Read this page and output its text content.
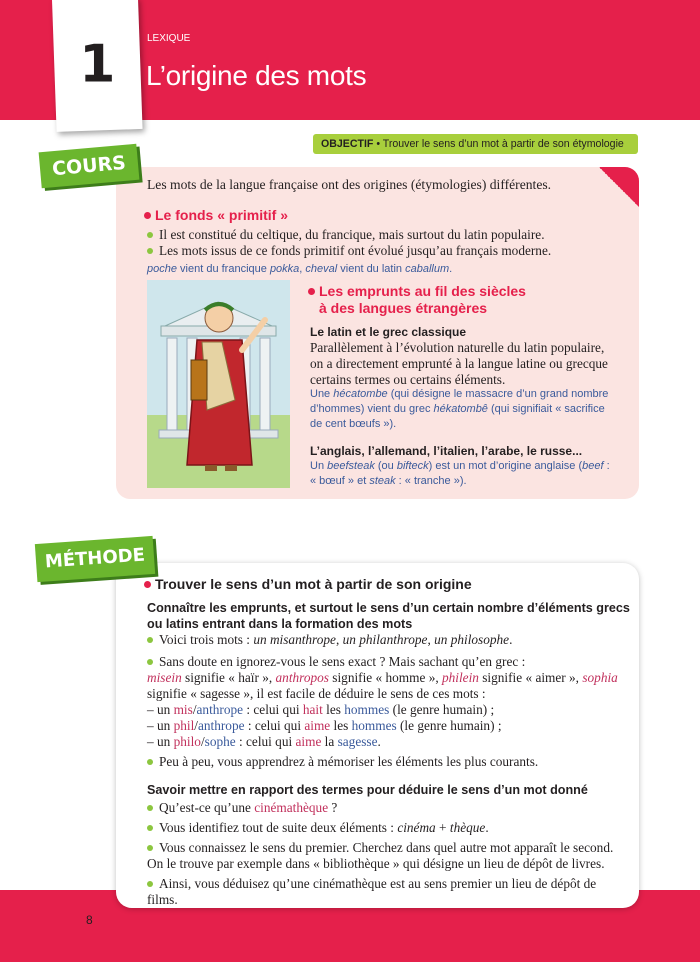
1	LEXIQUE
L’origine des mots
OBJECTIF • Trouver le sens d’un mot à partir de son étymologie
COURS
Les mots de la langue française ont des origines (étymologies) différentes.
Le fonds « primitif »
Il est constitué du celtique, du francique, mais surtout du latin populaire.
Les mots issus de ce fonds primitif ont évolué jusqu’au français moderne.
poche vient du francique pokka, cheval vient du latin caballum.
Les emprunts au fil des siècles
à des langues étrangères
Le latin et le grec classique
Parallèlement à l’évolution naturelle du latin populaire,
on a directement emprunté à la langue latine ou grecque
certains termes ou certains éléments.
Une hécatombe (qui désigne le massacre d’un grand nombre
d’hommes) vient du grec hékatombê (qui signifiait « sacrifice
de cent bœufs »).
L’anglais, l’allemand, l’italien, l’arabe, le russe...
Un beefsteak (ou bifteck) est un mot d’origine anglaise (beef :
« bœuf » et steak : « tranche »).
MÉTHODE
Trouver le sens d’un mot à partir de son origine
Connaître les emprunts, et surtout le sens d’un certain nombre d’éléments grecs
ou latins entrant dans la formation des mots
Voici trois mots : un misanthrope, un philanthrope, un philosophe.
Sans doute en ignorez-vous le sens exact ? Mais sachant qu’en grec :
misein signifie « haïr », anthropos signifie « homme », philein signifie « aimer », sophia
signifie « sagesse », il est facile de déduire le sens de ces mots :
– un mis/anthrope : celui qui hait les hommes (le genre humain) ;
– un phil/anthrope : celui qui aime les hommes (le genre humain) ;
– un philo/sophe : celui qui aime la sagesse.
Peu à peu, vous apprendrez à mémoriser les éléments les plus courants.
Savoir mettre en rapport des termes pour déduire le sens d’un mot donné
Qu’est-ce qu’une cinémathèque ?
Vous identifiez tout de suite deux éléments : cinéma + thèque.
Vous connaissez le sens du premier. Cherchez dans quel autre mot apparaît le second.
On le trouve par exemple dans « bibliothèque » qui désigne un lieu de dépôt de livres.
Ainsi, vous déduisez qu’une cinémathèque est au sens premier un lieu de dépôt de
films.
8
